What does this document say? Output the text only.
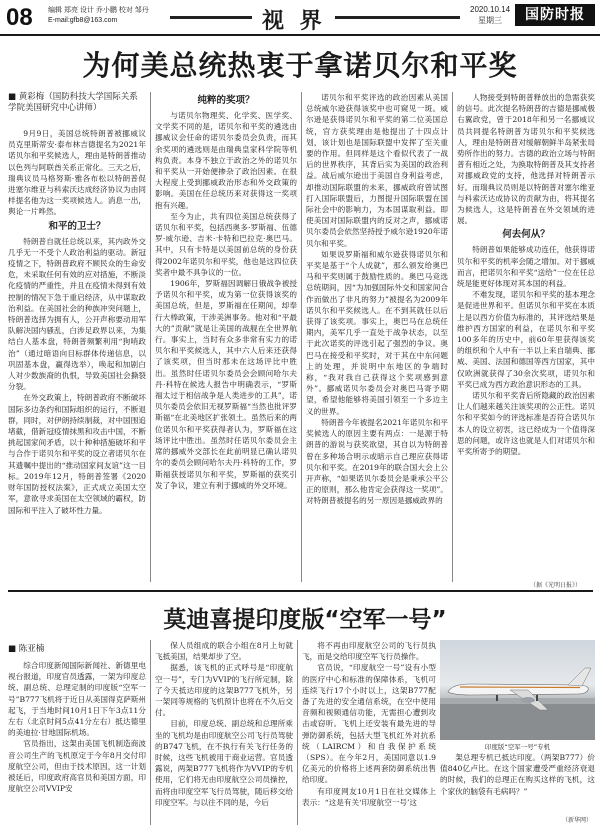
08 编辑 郑亮 设计 乔小鹏 校对 邹丹
E-mail:gfb8@163.com	视 界	2020.10.14
星期三	国防时报
为何美总统热衷于拿诺贝尔和平奖
■ 黄彩梅（国防科技大学国际关系学院美国研究中心讲师）

9月9日，美国总统特朗普被挪威议员克里斯蒂安·泰布林吉德提名为2021年诺贝尔和平奖候选人，理由是特朗普推动以色列与阿联酋关系正常化。三天之后，瑞典议员马格努斯·雅各布松以特朗普促进塞尔维亚与科索沃达成经济协议为由同样提名他为这一奖项候选人。消息一出，舆论一片哗然。

和平的卫士？

特朗普自就任总统以来，其内政外交几乎无一不受个人政治利益的驱动。新冠疫情之下，特朗普政府不顾民众的生命安危，未采取任何有效的应对措施，不断淡化疫情的严重性，并且在疫情未得到有效控制的情况下急于重启经济，从中谋取政治利益。在美国社会的种族冲突问题上，特朗普选择为拥有人，公开声称要动用军队解决国内骚乱，白涉足政界以来，为集结白人基本盘，特朗普频繁利用“狗哨政治”（通过暗语向目标群体传递信息，以巩固基本盘，赢得选举），唤起和加剧白人对少数族裔的仇恨，导致美国社会撕裂分裂。

在外交政策上，特朗普政府不断破坏国际多边条约和国际组织的运行，不断退群，同时，对伊朗持续制裁，对中国围追堵截，借新冠疫情抹黑和攻击中国，不断挑起国家间矛盾，以十种种措施破坏和平与合作于诺贝尔和平奖的设立者诺贝尔在其遗嘱中提出的“推动国家间友谊”这一目标。2019年12月，特朗普签署《2020财年国防授权法案》，正式成立美国太空军，意欲寻求美国在太空领域的霸权，防国际和平注入了破坏性力量。

纯粹的奖项？

与诺贝尔物理奖、化学奖、医学奖、文学奖不同的是，诺贝尔和平奖的遴选由挪威议会任命的诺贝尔委员会负责，而其余奖项的遴选则是由瑞典皇家科学院等机构负责。本身不独立于政治之外的诺贝尔和平奖从一开始便掺杂了政治因素。在很大程度上受到挪威政治形态和外交政策的影响。美国在任总统历来对获得这一奖项抱有兴趣。

至今为止，共有四位美国总统获得了诺贝尔和平奖，包括西奥多·罗斯福、伍德罗·威尔逊、吉米·卡特和巴拉克·奥巴马。其中，只有卡特是以美国前总统的身份获得2002年诺贝尔和平奖，他也是这四位获奖者中最不具争议的一位。

1906年，罗斯福因调解日俄战争被授予诺贝尔和平奖，成为第一位获得该奖的美国总统，但是，罗斯福在任期间，却奉行大棒政策，干涉美洲事务。他对和“平最大的”贡献”就是让美国的战舰在全世界航行。事实上，当时有众多非常有实力的诺贝尔和平奖候选人，其中六人后来还获得了该奖项，但当时那未在这场评比中胜出。虽然时任诺贝尔委员会会顾问哈尔夫丹·科特在候选人报告中明确表示，“罗斯福太过于相信战争是人类进步的工具”，诺贝尔委员会依旧无视罗斯福“当然也批评罗斯福“在北美地区扩张领土。虽然后来的两位诺贝尔和平奖获得者认为，罗斯福在这场评比中胜出。虽然时任诺贝尔委员会主席的挪威外交部长在此前明显已确认诺贝尔的委员会顾问哈尔夫丹·科特的工作，罗斯福获授诺贝尔和平奖，罗斯福的获奖引发了争议，建立有利于挪威的外交环境。

诺贝尔和平奖评选的政治因素从美国总统威尔逊获得该奖中也可窥见一斑。威尔逊是获得诺贝尔和平奖的第二位美国总统，官方获奖理由是他提出了十四点计划，该计划也是国际联盟中发挥了至关重要的作用。但同样是这个看似代表了一战后的世界秩序，其背后实为美国的政治利益。战后威尔逊出于美国自身利益考虑，却推动国际联盟的未来，挪威政府曾试图打入国际联盟后，力图提升国际联盟在国际社会中的影响力，为本国谋取利益。即使美国对国际联盟内的反对之声，挪威诺贝尔委员会依然坚持授予威尔逊1920年诺贝尔和平奖。

如果说罗斯福和威尔逊获得诺贝尔和平奖是基于“个人成就”，那么颁发给奥巴马和平奖则属于鼓励性质的。奥巴马竞选总统期间，因“为加强国际外交和国家间合作而做出了非凡的努力”被提名为2009年诺贝尔和平奖候选人。在不到其就任以后获得了该奖项。事实上，奥巴马在总统任期内，美军几乎一直处于战争状态，以至于此次诺奖的评选引起了强烈的争议。奥巴马在接受和平奖时，对于其在中东问题上的处理，并说明中东地区的争端时称，“我对我自己获得这个奖项感到意外”。挪威诺贝尔委员会对奥巴马寄予期望，希望他能够将美国引领至一个多边主义的世界。

特朗普今年被提名2021年诺贝尔和平奖候选人的原因主要有两点：一是源于特朗普的游说与获奖欲望，其自以为特朗普曾在多种场合明示或暗示自己理应获得诺贝尔和平奖。在2019年的联合国大会上公开声称，“如果诺贝尔委员会是秉承公平公正的原则，那么他肯定会获得这一奖项”。对特朗普被提名的另一原因是挪威政界的

人物接受到特朗普释放出的急需获奖的信号。此次提名特朗普的吉德是挪威极右翼政党，曾于2018年和另一名挪威议员共同提名特朗普为诺贝尔和平奖候选人，理由是特朗普对缓解朝鲜半岛紧张局势所作出的努力。吉德的政治立场与特朗普有相近之处，为换取特朗普及其支持者对挪威政党的支持，他选择对特朗普示好。而瑞典议员则是以特朗普对塞尔维亚与科索沃达成协议的贡献为由，将其提名为候选人，这是特朗普在外交领域的进展。

何去何从？

特朗普如果能够成功连任，他获得诺贝尔和平奖的机率会随之增加。对于挪威而言，把诺贝尔和平奖“送给”一位在任总统是能更好体现对其本国的利益。

不难发现，诺贝尔和平奖的基本理念是促进世界和平。但诺贝尔和平奖在本质上是以西方价值为标准的，其评选结果是维护西方国家的利益，在诺贝尔和平奖100多年的历史中，前60年里获得该奖的组织和个人中有一半以上来自瑞典、挪威、美国、法国和德国等西方国家，其中仅欧洲就获得了30余次奖项，诺贝尔和平奖已成为西方政治意识形态的工具。

诺贝尔和平奖背后所隐藏的政治因素让人们越来越关注该奖项的公正性。诺贝尔和平奖如今的评选标准是否符合诺贝尔本人的设立初衷，这已经成为一个值得深思的问题，或许这也就是人们对诺贝尔和平奖所寄予的期望。

（据《光明日报》）
莫迪喜提印度版“空军一号”
■ 陈亚楠

综合印度新闻国际新闻社、新德里电视台报道，印度官员透露，一架为印度总统、副总统、总理定制的印度版“空军一号”B777飞机将于近日从美国得克萨斯州起飞，于当地时间10月1日下午3点11分左右（北京时间5点41分左右）抵达德里的美迪拉·甘地国际机场。

官员指出，这架由美国飞机制造商波音公司生产的飞机原定于今年8月交付印度航空公司，但由于技术原因，这一计划被延后，印度政府高官员和美国方面，印度航空公司VVIP安

保人员组成的联合小组在8月上旬就飞抵美国，结果却步了空。

据悉，该飞机的正式呼号是“印度航空一号”，专门为VVIP的飞行所定制，除了今天抵达印度的这架B777飞机外，另一架同等规格的飞机预计也将在不久后交付。

目前，印度总统、副总统和总理所乘坐的飞机均是由印度航空公司飞行员驾驶的B747飞机，在不执行有关飞行任务的时候，这些飞机被用于商业运营。官员透露说，两架B777飞机将作为VVIP的专机使用，它们将无由印度航空公司员操控，而将由印度空军飞行员驾驶，随后移交给印度空军。与以往不同的是，今后

将不再由印度航空公司的飞行员执飞，而是交给印度空军飞行员操作。

官员说，“印度航空一号”设有小型的医疗中心和标准的保障体系，飞机可连续飞行17个小时以上，这架B777配备了先进的安全通信系统，在空中使用音频和视频通信功能，无需担心遭到攻击或窃听。飞机上还安装有最先进的导弹防御系统，包括大型飞机红外对抗系统（LAIRCM）和自我保护系统（SPS）。在今年2月，美国同意以1.9亿美元的价格将上述两套防御系统出售给印度。

有印度网友10月1日在社交媒体上表示：“这是有关‘印度航空一号’这

印度版“空军一号”专机

架总理专机已抵达印度。（两架B777）价值840亿卢比。在这个国家遭受严重经济衰退的时候，我们的总理正在购买这样的飞机，这个家伙的脑袋有毛病吗？”

（新华网）
